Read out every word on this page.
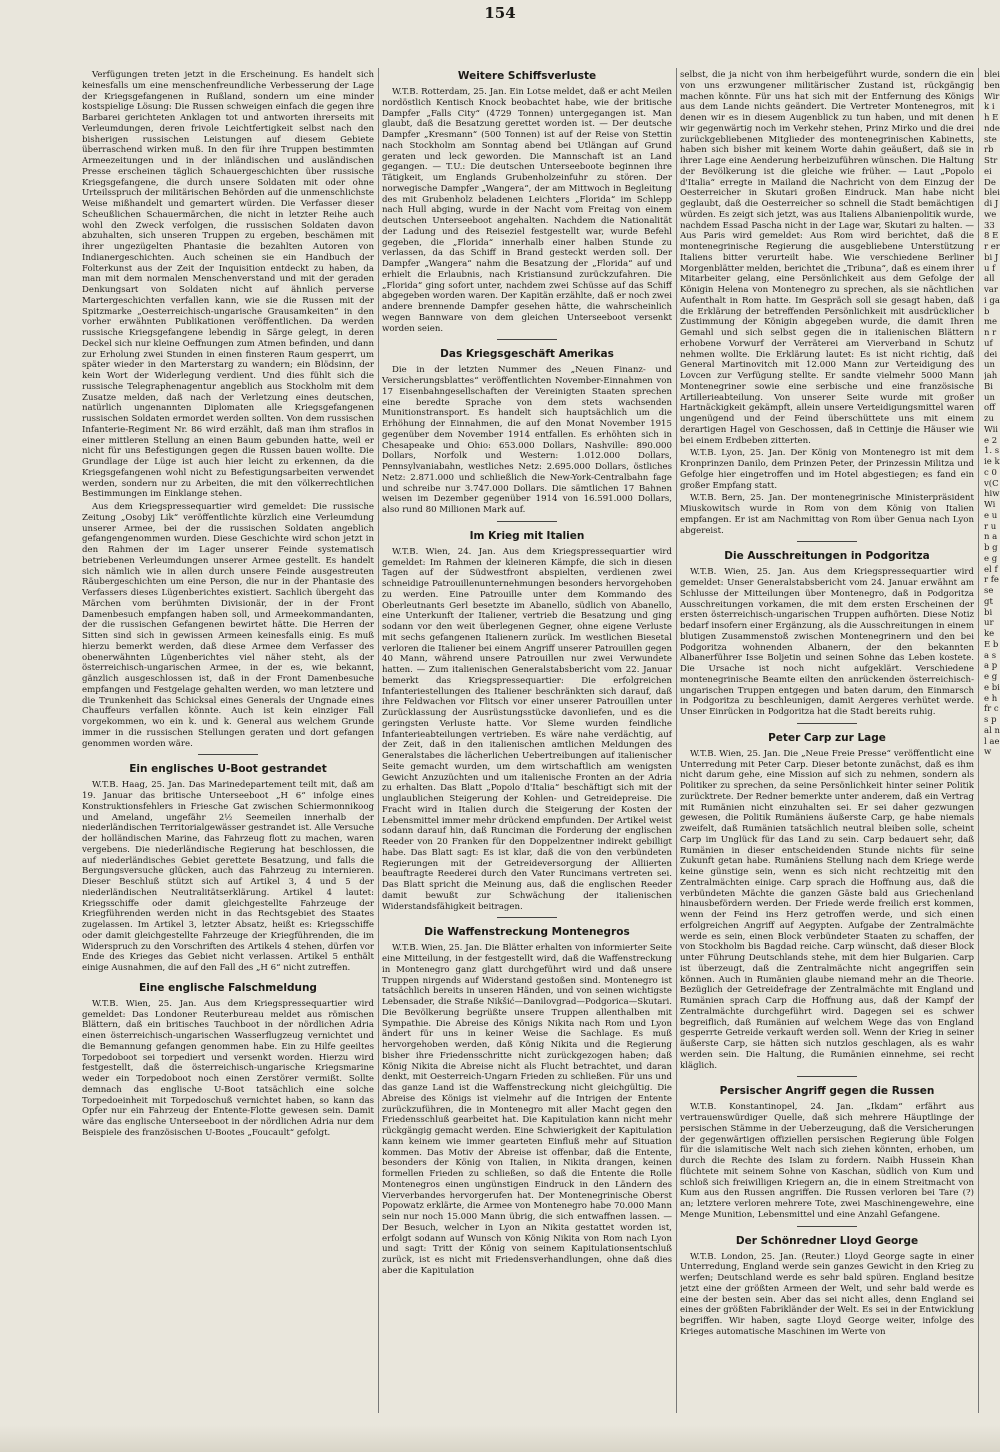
154

Verfügungen treten jetzt in die Erscheinung. Es handelt sich keinesfalls um eine menschenfreundliche Verbesserung der Lage der Kriegsgefangenen in Rußland, sondern um eine minder kostspielige Lösung: Die Russen schweigen einfach die gegen ihre Barbarei gerichteten Anklagen tot und antworten ihrerseits mit Verleumdungen, deren frivole Leichtfertigkeit selbst nach den bisherigen russischen Leistungen auf diesem Gebiete überraschend wirken muß. In den für ihre Truppen bestimmten Armeezeitungen und in der inländischen und ausländischen Presse erscheinen täglich Schauergeschichten über russische Kriegsgefangene, die durch unsere Soldaten mit oder ohne Urteilsspruch der militärischen Behörden auf die unmenschlichste Weise mißhandelt und gemartert würden. Die Verfasser dieser Scheußlichen Schauermärchen, die nicht in letzter Reihe auch wohl den Zweck verfolgen, die russischen Soldaten davon abzuhalten, sich unseren Truppen zu ergeben, beschämen mit ihrer ungezügelten Phantasie die bezahlten Autoren von Indianergeschichten. Auch scheinen sie ein Handbuch der Folterkunst aus der Zeit der Inquisition entdeckt zu haben, da man mit dem normalen Menschenverstand und mit der geraden Denkungsart von Soldaten nicht auf ähnlich perverse Martergeschichten verfallen kann, wie sie die Russen mit der Spitzmarke „Oesterreichisch-ungarische Grausamkeiten“ in den vorher erwähnten Publikationen veröffentlichen. Da werden russische Kriegsgefangene lebendig in Särge gelegt, in deren Deckel sich nur kleine Oeffnungen zum Atmen befinden, und dann zur Erholung zwei Stunden in einen finsteren Raum gesperrt, um später wieder in den Marterstarg zu wandern; ein Blödsinn, der kein Wort der Widerlegung verdient. Und dies fühlt sich die russische Telegraphenagentur angeblich aus Stockholm mit dem Zusatze melden, daß nach der Verletzung eines deutschen, natürlich ungenannten Diplomaten alle Kriegsgefangenen russischen Soldaten ermordet werden sollten. Von dem russischen Infanterie-Regiment Nr. 86 wird erzählt, daß man ihm straflos in einer mittleren Stellung an einen Baum gebunden hatte, weil er nicht für uns Befestigungen gegen die Russen bauen wollte. Die Grundlage der Lüge ist auch hier leicht zu erkennen, da die Kriegsgefangenen wohl nicht zu Befestigungsarbeiten verwendet werden, sondern nur zu Arbeiten, die mit den völkerrechtlichen Bestimmungen im Einklange stehen.

Aus dem Kriegspressequartier wird gemeldet: Die russische Zeitung „Osobyj Lik“ veröffentlichte kürzlich eine Verleumdung unserer Armee, bei der die russischen Soldaten angeblich gefangengenommen wurden. Diese Geschichte wird schon jetzt in den Rahmen der im Lager unserer Feinde systematisch betriebenen Verleumdungen unserer Armee gestellt. Es handelt sich nämlich wie in allen durch unsere Feinde ausgestreuten Räubergeschichten um eine Person, die nur in der Phantasie des Verfassers dieses Lügenberichtes existiert. Sachlich übergeht das Märchen vom berühmten Divisionär, der in der Front Damenbesuch empfangen haben soll, und Armeekommandanten, der die russischen Gefangenen bewirtet hätte. Die Herren der Sitten sind sich in gewissen Armeen keinesfalls einig. Es muß hierzu bemerkt werden, daß diese Armee dem Verfasser des obenerwähnten Lügenberichtes viel näher steht, als der österreichisch-ungarischen Armee, in der es, wie bekannt, gänzlich ausgeschlossen ist, daß in der Front Damenbesuche empfangen und Festgelage gehalten werden, wo man letztere und die Trunkenheit das Schicksal eines Generals der Ungnade eines Chauffeurs verfallen könnte. Auch ist kein einziger Fall vorgekommen, wo ein k. und k. General aus welchem Grunde immer in die russischen Stellungen geraten und dort gefangen genommen worden wäre.

Ein englisches U-Boot gestrandet

W.T.B. Haag, 25. Jan. Das Marinedepartement teilt mit, daß am 19. Januar das britische Unterseeboot „H 6“ infolge eines Konstruktionsfehlers in Friesche Gat zwischen Schiermonnikoog und Ameland, ungefähr 2½ Seemeilen innerhalb der niederländischen Territorialgewässer gestrandet ist. Alle Versuche der holländischen Marine, das Fahrzeug flott zu machen, waren vergebens. Die niederländische Regierung hat beschlossen, die auf niederländisches Gebiet gerettete Besatzung, und falls die Bergungsversuche glücken, auch das Fahrzeug zu internieren. Dieser Beschluß stützt sich auf Artikel 3, 4 und 5 der niederländischen Neutralitätserklärung. Artikel 4 lautet: Kriegsschiffe oder damit gleichgestellte Fahrzeuge der Kriegführenden werden nicht in das Rechtsgebiet des Staates zugelassen. Im Artikel 3, letzter Absatz, heißt es: Kriegsschiffe oder damit gleichgestellte Fahrzeuge der Kriegführenden, die im Widerspruch zu den Vorschriften des Artikels 4 stehen, dürfen vor Ende des Krieges das Gebiet nicht verlassen. Artikel 5 enthält einige Ausnahmen, die auf den Fall des „H 6“ nicht zutreffen.

Eine englische Falschmeldung

W.T.B. Wien, 25. Jan. Aus dem Kriegspressequartier wird gemeldet: Das Londoner Reuterbureau meldet aus römischen Blättern, daß ein britisches Tauchboot in der nördlichen Adria einen österreichisch-ungarischen Wasserflugzeug vernichtet und die Bemannung gefangen genommen habe. Ein zu Hilfe geeiltes Torpedoboot sei torpediert und versenkt worden. Hierzu wird festgestellt, daß die österreichisch-ungarische Kriegsmarine weder ein Torpedoboot noch einen Zerstörer vermißt. Sollte demnach das englische U-Boot tatsächlich eine solche Torpedoeinheit mit Torpedoschuß vernichtet haben, so kann das Opfer nur ein Fahrzeug der Entente-Flotte gewesen sein. Damit wäre das englische Unterseeboot in der nördlichen Adria nur dem Beispiele des französischen U-Bootes „Foucault“ gefolgt.

Weitere Schiffsverluste

W.T.B. Rotterdam, 25. Jan. Ein Lotse meldet, daß er acht Meilen nordöstlich Kentisch Knock beobachtet habe, wie der britische Dampfer „Falls City“ (4729 Tonnen) untergegangen ist. Man glaubt, daß die Besatzung gerettet worden ist. — Der deutsche Dampfer „Kresmann“ (500 Tonnen) ist auf der Reise von Stettin nach Stockholm am Sonntag abend bei Utlängan auf Grund geraten und leck geworden. Die Mannschaft ist an Land gegangen. — T.U.: Die deutschen Unterseeboote beginnen ihre Tätigkeit, um Englands Grubenholzeinfuhr zu stören. Der norwegische Dampfer „Wangera“, der am Mittwoch in Begleitung des mit Grubenholz beladenen Leichters „Florida“ im Schlepp nach Hull abging, wurde in der Nacht vom Freitag von einem deutschen Unterseeboot angehalten. Nachdem die Nationalität der Ladung und des Reiseziel festgestellt war, wurde Befehl gegeben, die „Florida“ innerhalb einer halben Stunde zu verlassen, da das Schiff in Brand gesteckt werden soll. Der Dampfer „Wangera“ nahm die Besatzung der „Florida“ auf und erhielt die Erlaubnis, nach Kristiansund zurückzufahren. Die „Florida“ ging sofort unter, nachdem zwei Schüsse auf das Schiff abgegeben worden waren. Der Kapitän erzählte, daß er noch zwei andere brennende Dampfer gesehen hätte, die wahrscheinlich wegen Bannware von dem gleichen Unterseeboot versenkt worden seien.

Das Kriegsgeschäft Amerikas

Die in der letzten Nummer des „Neuen Finanz- und Versicherungsblattes“ veröffentlichten November-Einnahmen von 17 Eisenbahngesellschaften der Vereinigten Staaten sprechen eine beredte Sprache von dem stets wachsenden Munitionstransport. Es handelt sich hauptsächlich um die Erhöhung der Einnahmen, die auf den Monat November 1915 gegenüber dem November 1914 entfallen. Es erhöhten sich in Chesapeake und Ohio: 653.000 Dollars, Nashville: 890.000 Dollars, Norfolk und Western: 1.012.000 Dollars, Pennsylvaniabahn, westliches Netz: 2.695.000 Dollars, östliches Netz: 2.871.000 und schließlich die New-York-Centralbahn fage und schreibe nur 3.747.000 Dollars. Die sämtlichen 17 Bahnen weisen im Dezember gegenüber 1914 von 16.591.000 Dollars, also rund 80 Millionen Mark auf.

Im Krieg mit Italien

W.T.B. Wien, 24. Jan. Aus dem Kriegspressequartier wird gemeldet: Im Rahmen der kleineren Kämpfe, die sich in diesen Tagen auf der Südwestfront abspielten, verdienen zwei schneidige Patrouillenunternehmungen besonders hervorgehoben zu werden. Eine Patrouille unter dem Kommando des Oberleutnants Gerl besetzte im Abanello, südlich von Abanello, eine Unterkunft der Italiener, vertrieb die Besatzung und ging sodann vor den weit überlegenen Gegner, ohne eigene Verluste mit sechs gefangenen Italienern zurück. Im westlichen Biesetal verloren die Italiener bei einem Angriff unserer Patrouillen gegen 40 Mann, während unsere Patrouillen nur zwei Verwundete hatten. — Zum italienischen Generalstabsbericht vom 22. Januar bemerkt das Kriegspressequartier: Die erfolgreichen Infanteriestellungen des Italiener beschränkten sich darauf, daß ihre Feldwachen vor Flitsch vor einer unserer Patrouillen unter Zurücklassung der Ausrüstungsstücke davonliefen, und es die geringsten Verluste hatte. Vor Sleme wurden feindliche Infanterieabteilungen vertrieben. Es wäre nahe verdächtig, auf der Zeit, daß in den italienischen amtlichen Meldungen des Generalstabes die lächerlichen Uebertreibungen auf italienischer Seite gemacht wurden, um dem wirtschaftlich am wenigsten Gewicht Anzuzüchten und um italienische Fronten an der Adria zu erhalten. Das Blatt „Popolo d'Italia“ beschäftigt sich mit der unglaublichen Steigerung der Kohlen- und Getreidepreise. Die Fracht wird in Italien durch die Steigerung der Kosten der Lebensmittel immer mehr drückend empfunden. Der Artikel weist sodann darauf hin, daß Runciman die Forderung der englischen Reeder von 20 Franken für den Doppelzentner indirekt gebilligt habe. Das Blatt sagt: Es ist klar, daß die von den verbündeten Regierungen mit der Getreideversorgung der Alliierten beauftragte Reederei durch den Vater Runcimans vertreten sei. Das Blatt spricht die Meinung aus, daß die englischen Reeder damit bewußt zur Schwächung der italienischen Widerstandsfähigkeit beitragen.

Die Waffenstreckung Montenegros

W.T.B. Wien, 25. Jan. Die Blätter erhalten von informierter Seite eine Mitteilung, in der festgestellt wird, daß die Waffenstreckung in Montenegro ganz glatt durchgeführt wird und daß unsere Truppen nirgends auf Widerstand gestoßen sind. Montenegro ist tatsächlich bereits in unseren Händen, und von seinen wichtigste Lebensader, die Straße Nikšić—Danilovgrad—Podgorica—Skutari. Die Bevölkerung begrüßte unsere Truppen allenthalben mit Sympathie. Die Abreise des Königs Nikita nach Rom und Lyon ändert für uns in keiner Weise die Sachlage. Es muß hervorgehoben werden, daß König Nikita und die Regierung bisher ihre Friedensschritte nicht zurückgezogen haben; daß König Nikita die Abreise nicht als Flucht betrachtet, und daran denkt, mit Oesterreich-Ungarn Frieden zu schließen. Für uns und das ganze Land ist die Waffenstreckung nicht gleichgültig. Die Abreise des Königs ist vielmehr auf die Intrigen der Entente zurückzuführen, die in Montenegro mit aller Macht gegen den Friedensschluß gearbeitet hat. Die Kapitulation kann nicht mehr rückgängig gemacht werden. Eine Schwierigkeit der Kapitulation kann keinem wie immer gearteten Einfluß mehr auf Situation kommen. Das Motiv der Abreise ist offenbar, daß die Entente, besonders der König von Italien, in Nikita drangen, keinen formellen Frieden zu schließen, so daß die Entente die Rolle Montenegros einen ungünstigen Eindruck in den Ländern des Vierverbandes hervorgerufen hat. Der Montenegrinische Oberst Popowatz erklärte, die Armee von Montenegro habe 70.000 Mann sein nur noch 15.000 Mann übrig, die sich entwaffnen lassen. — Der Besuch, welcher in Lyon an Nikita gestattet worden ist, erfolgt sodann auf Wunsch von König Nikita von Rom nach Lyon und sagt: Tritt der König von seinem Kapitulationsentschluß zurück, ist es nicht mit Friedensverhandlungen, ohne daß dies aber die Kapitulation

selbst, die ja nicht von ihm herbeigeführt wurde, sondern die ein von uns erzwungener militärischer Zustand ist, rückgängig machen könnte. Für uns hat sich mit der Entfernung des Königs aus dem Lande nichts geändert. Die Vertreter Montenegros, mit denen wir es in diesem Augenblick zu tun haben, und mit denen wir gegenwärtig noch im Verkehr stehen, Prinz Mirko und die drei zurückgebliebenen Mitglieder des montenegrinischen Kabinetts, haben sich bisher mit keinem Worte dahin geäußert, daß sie in ihrer Lage eine Aenderung herbeizuführen wünschen. Die Haltung der Bevölkerung ist die gleiche wie früher. — Laut „Popolo d'Italia“ erregte in Mailand die Nachricht von dem Einzug der Oesterreicher in Skutari großen Eindruck. Man habe nicht geglaubt, daß die Oesterreicher so schnell die Stadt bemächtigen würden. Es zeigt sich jetzt, was aus Italiens Albanienpolitik wurde, nachdem Essad Pascha nicht in der Lage war, Skutari zu halten. — Aus Paris wird gemeldet: Aus Rom wird berichtet, daß die montenegrinische Regierung die ausgebliebene Unterstützung Italiens bitter verurteilt habe. Wie verschiedene Berliner Morgenblätter melden, berichtet die „Tribuna“, daß es einem ihrer Mitarbeiter gelang, eine Persönlichkeit aus dem Gefolge der Königin Helena von Montenegro zu sprechen, als sie nächtlichen Aufenthalt in Rom hatte. Im Gespräch soll sie gesagt haben, daß die Erklärung der betreffenden Persönlichkeit mit ausdrücklicher Zustimmung der Königin abgegeben wurde, die damit Ihren Gemahl und sich selbst gegen die in italienischen Blättern erhobene Vorwurf der Verräterei am Vierverband in Schutz nehmen wollte. Die Erklärung lautet: Es ist nicht richtig, daß General Martinovitch mit 12.000 Mann zur Verteidigung des Lovcen zur Verfügung stellte. Er sandte vielmehr 5000 Mann Montenegriner sowie eine serbische und eine französische Artillerieabteilung. Von unserer Seite wurde mit großer Hartnäckigkeit gekämpft, allein unsere Verteidigungsmittel waren ungenügend und der Feind überschüttete uns mit einem derartigen Hagel von Geschossen, daß in Cettinje die Häuser wie bei einem Erdbeben zitterten.

W.T.B. Lyon, 25. Jan. Der König von Montenegro ist mit dem Kronprinzen Danilo, dem Prinzen Peter, der Prinzessin Militza und Gefolge hier eingetroffen und im Hotel abgestiegen; es fand ein großer Empfang statt.

W.T.B. Bern, 25. Jan. Der montenegrinische Ministerpräsident Miuskowitsch wurde in Rom von dem König von Italien empfangen. Er ist am Nachmittag von Rom über Genua nach Lyon abgereist.

Die Ausschreitungen in Podgoritza

W.T.B. Wien, 25. Jan. Aus dem Kriegspressequartier wird gemeldet: Unser Generalstabsbericht vom 24. Januar erwähnt am Schlusse der Mitteilungen über Montenegro, daß in Podgoritza Ausschreitungen vorkamen, die mit dem ersten Erscheinen der ersten österreichisch-ungarischen Truppen aufhörten. Diese Notiz bedarf insofern einer Ergänzung, als die Ausschreitungen in einem blutigen Zusammenstoß zwischen Montenegrinern und den bei Podgoritza wohnenden Albanern, der den bekannten Albanerführer Isse Boljetin und seinen Sohne das Leben kostete. Die Ursache ist noch nicht aufgeklärt. Verschiedene montenegrinische Beamte eilten den anrückenden österreichisch-ungarischen Truppen entgegen und baten darum, den Einmarsch in Podgoritza zu beschleunigen, damit Aergeres verhütet werde. Unser Einrücken in Podgoritza hat die Stadt bereits ruhig.

Peter Carp zur Lage

W.T.B. Wien, 25. Jan. Die „Neue Freie Presse“ veröffentlicht eine Unterredung mit Peter Carp. Dieser betonte zunächst, daß es ihm nicht darum gehe, eine Mission auf sich zu nehmen, sondern als Politiker zu sprechen, da seine Persönlichkeit hinter seiner Politik zurücktrete. Der Redner bemerkte unter anderem, daß ein Vertrag mit Rumänien nicht einzuhalten sei. Er sei daher gezwungen gewesen, die Politik Rumäniens äußerste Carp, ge habe niemals zweifelt, daß Rumänien tatsächlich neutral bleiben solle, scheint Carp im Unglück für das Land zu sein. Carp bedauert sehr, daß Rumänien in dieser entscheidenden Stunde nichts für seine Zukunft getan habe. Rumäniens Stellung nach dem Kriege werde keine günstige sein, wenn es sich nicht rechtzeitig mit den Zentralmächten einige. Carp sprach die Hoffnung aus, daß die verbündeten Mächte die ganzen Gäste bald aus Griechenland hinausbefördern werden. Der Friede werde freilich erst kommen, wenn der Feind ins Herz getroffen werde, und sich einen erfolgreichen Angriff auf Aegypten. Aufgabe der Zentralmächte werde es sein, einen Block verbündeter Staaten zu schaffen, der von Stockholm bis Bagdad reiche. Carp wünscht, daß dieser Block unter Führung Deutschlands stehe, mit dem hier Bulgarien. Carp ist überzeugt, daß die Zentralmächte nicht angegriffen sein können. Auch in Rumänien glaube niemand mehr an die Theorie. Bezüglich der Getreidefrage der Zentralmächte mit England und Rumänien sprach Carp die Hoffnung aus, daß der Kampf der Zentralmächte durchgeführt wird. Dagegen sei es schwer begreiflich, daß Rumänien auf welchem Wege das von England gesperrte Getreide verkauft werden soll. Wenn der Krieg in seiner äußerste Carp, sie hätten sich nutzlos geschlagen, als es wahr werden sein. Die Haltung, die Rumänien einnehme, sei recht kläglich.

Persischer Angriff gegen die Russen

W.T.B. Konstantinopel, 24. Jan. „Ikdam“ erfährt aus vertrauenswürdiger Quelle, daß sich mehrere Häuptlinge der persischen Stämme in der Ueberzeugung, daß die Versicherungen der gegenwärtigen offiziellen persischen Regierung üble Folgen für die islamitische Welt nach sich ziehen könnten, erhoben, um durch die Rechte des Islam zu fordern. Naibh Hussein Khan flüchtete mit seinem Sohne von Kaschan, südlich von Kum und schloß sich freiwilligen Kriegern an, die in einem Streitmacht von Kum aus den Russen angriffen. Die Russen verloren bei Tare (?) an; letztere verloren mehrere Tote, zwei Maschinengewehre, eine Menge Munition, Lebensmittel und eine Anzahl Gefangene.

Der Schönredner Lloyd George

W.T.B. London, 25. Jan. (Reuter.) Lloyd George sagte in einer Unterredung, England werde sein ganzes Gewicht in den Krieg zu werfen; Deutschland werde es sehr bald spüren. England besitze jetzt eine der größten Armeen der Welt, und sehr bald werde es eine der besten sein. Aber das sei nicht alles, denn England sei eines der größten Fabrikländer der Welt. Es sei in der Entwicklung begriffen. Wir haben, sagte Lloyd George weiter, infolge des Krieges automatische Maschinen im Werte von

bleiben Wirk ih Ende sterb Strei De bleidi Jwe 338 Er erbi Ju fall vari gab men ruf dei un jah Bi un off zu Wiie 21. sie kc 0 v(C hiw Wie ur un ab ge gel fr fe se gt bi ur ke E ba sa pe ge bi e h fr c s p al nl ae w
